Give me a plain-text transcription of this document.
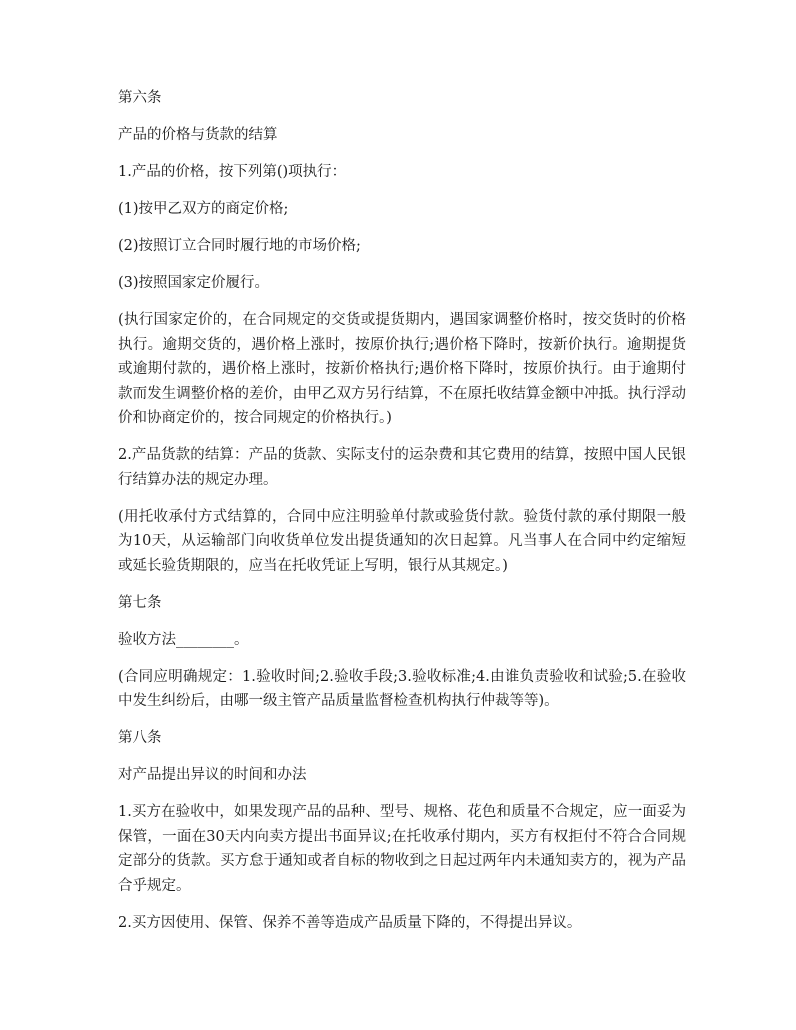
第六条

产品的价格与货款的结算

1.产品的价格，按下列第()项执行：

(1)按甲乙双方的商定价格;

(2)按照订立合同时履行地的市场价格;

(3)按照国家定价履行。

(执行国家定价的，在合同规定的交货或提货期内，遇国家调整价格时，按交货时的价格执行。逾期交货的，遇价格上涨时，按原价执行;遇价格下降时，按新价执行。逾期提货或逾期付款的，遇价格上涨时，按新价格执行;遇价格下降时，按原价执行。由于逾期付款而发生调整价格的差价，由甲乙双方另行结算，不在原托收结算金额中冲抵。执行浮动价和协商定价的，按合同规定的价格执行。)

2.产品货款的结算：产品的货款、实际支付的运杂费和其它费用的结算，按照中国人民银行结算办法的规定办理。

(用托收承付方式结算的，合同中应注明验单付款或验货付款。验货付款的承付期限一般为10天，从运输部门向收货单位发出提货通知的次日起算。凡当事人在合同中约定缩短或延长验货期限的，应当在托收凭证上写明，银行从其规定。)

第七条

验收方法________。

(合同应明确规定：1.验收时间;2.验收手段;3.验收标准;4.由谁负责验收和试验;5.在验收中发生纠纷后，由哪一级主管产品质量监督检查机构执行仲裁等等)。

第八条

对产品提出异议的时间和办法

1.买方在验收中，如果发现产品的品种、型号、规格、花色和质量不合规定，应一面妥为保管，一面在30天内向卖方提出书面异议;在托收承付期内，买方有权拒付不符合合同规定部分的货款。买方怠于通知或者自标的物收到之日起过两年内未通知卖方的，视为产品合乎规定。

2.买方因使用、保管、保养不善等造成产品质量下降的，不得提出异议。
